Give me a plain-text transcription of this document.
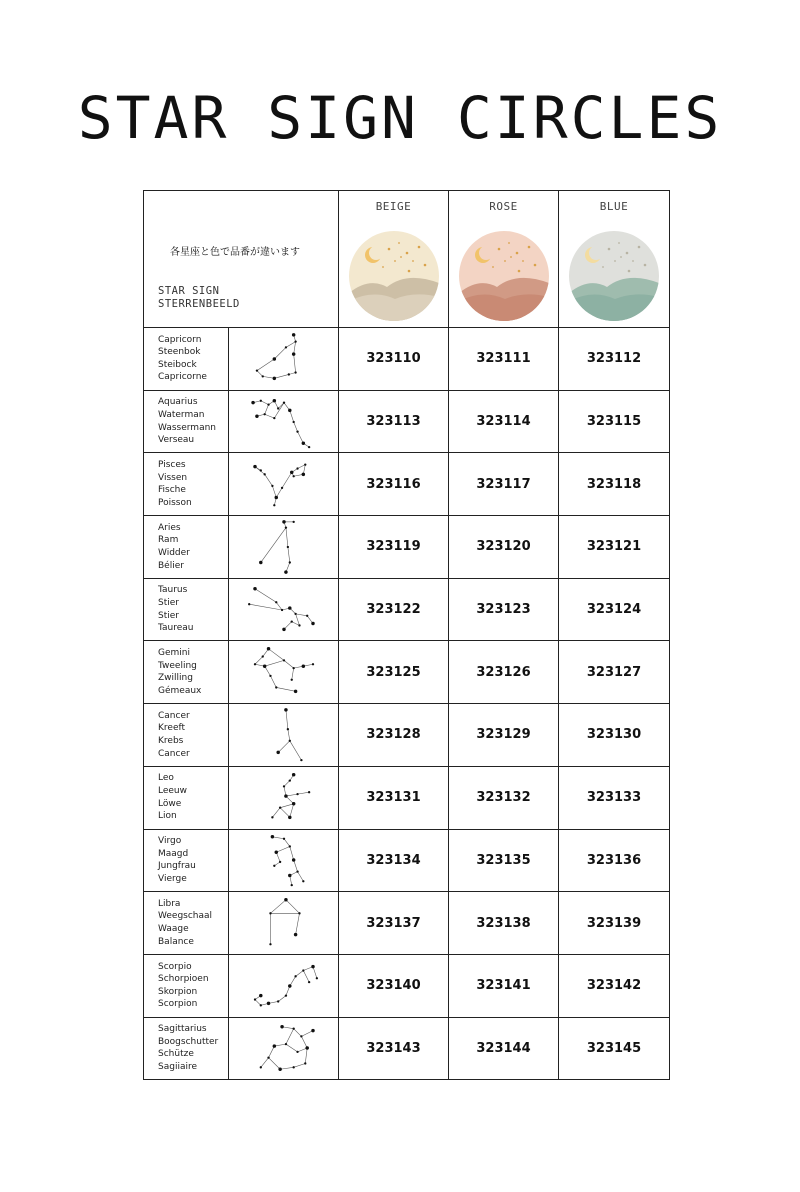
STAR SIGN CIRCLES
各星座と色で品番が違います
STAR SIGN
STERRENBEELD		BEIGE	ROSE	BLUE

Capricorn
Steenbok
Steibock
Capricorne		323110	323111	323112

Aquarius
Waterman
Wassermann
Verseau		323113	323114	323115

Pisces
Vissen
Fische
Poisson		323116	323117	323118

Aries
Ram
Widder
Bélier		323119	323120	323121

Taurus
Stier
Stier
Taureau		323122	323123	323124

Gemini
Tweeling
Zwilling
Gémeaux		323125	323126	323127

Cancer
Kreeft
Krebs
Cancer		323128	323129	323130

Leo
Leeuw
Löwe
Lion		323131	323132	323133

Virgo
Maagd
Jungfrau
Vierge		323134	323135	323136

Libra
Weegschaal
Waage
Balance		323137	323138	323139

Scorpio
Schorpioen
Skorpion
Scorpion		323140	323141	323142

Sagittarius
Boogschutter
Schütze
Sagiiaire		323143	323144	323145
